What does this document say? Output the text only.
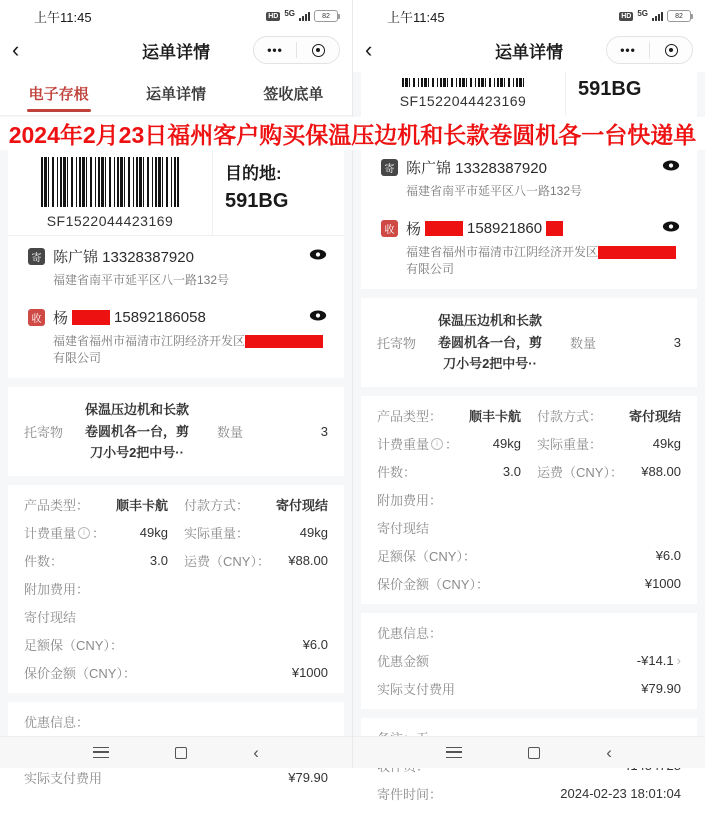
上午11:45	HD 5G	82
‹	运单详情	•••
电子存根	运单详情	签收底单
SF1522044423169
目的地:
591BG
寄 陈广锦 13328387920
福建省南平市延平区八一路132号
收 杨	15892186058
福建省福州市福清市江阴经济开发区
有限公司
托寄物
保温压边机和长款
卷圆机各一台，剪
刀小号2把中号··
数量	3
产品类型： 顺丰卡航 付款方式： 寄付现结
计费重量 i ：	49kg 实际重量：	49kg
件数：	3.0 运费（CNY）： ¥88.00
附加费用：
寄付现结
足额保（CNY）：	¥6.0
保价金额（CNY）：	¥1000
优惠信息：
实际支付费用	¥79.90
‹
上午11:45	HD 5G	82
‹	运单详情	•••
SF1522044423169
591BG
寄 陈广锦 13328387920
福建省南平市延平区八一路132号
收 杨	158921860
福建省福州市福清市江阴经济开发区
有限公司
托寄物
保温压边机和长款
卷圆机各一台，剪
刀小号2把中号··
数量	3
产品类型： 顺丰卡航 付款方式： 寄付现结
计费重量 i ：	49kg 实际重量：	49kg
件数：	3.0 运费（CNY）： ¥88.00
附加费用：
寄付现结
足额保（CNY）：	¥6.0
保价金额（CNY）：	¥1000
优惠信息：
优惠金额	-¥14.1 ›
实际支付费用	¥79.90
寄件时间：	2024-02-23 18:01:04
‹
2024年2月23日福州客户购买保温压边机和长款卷圆机各一台快递单
